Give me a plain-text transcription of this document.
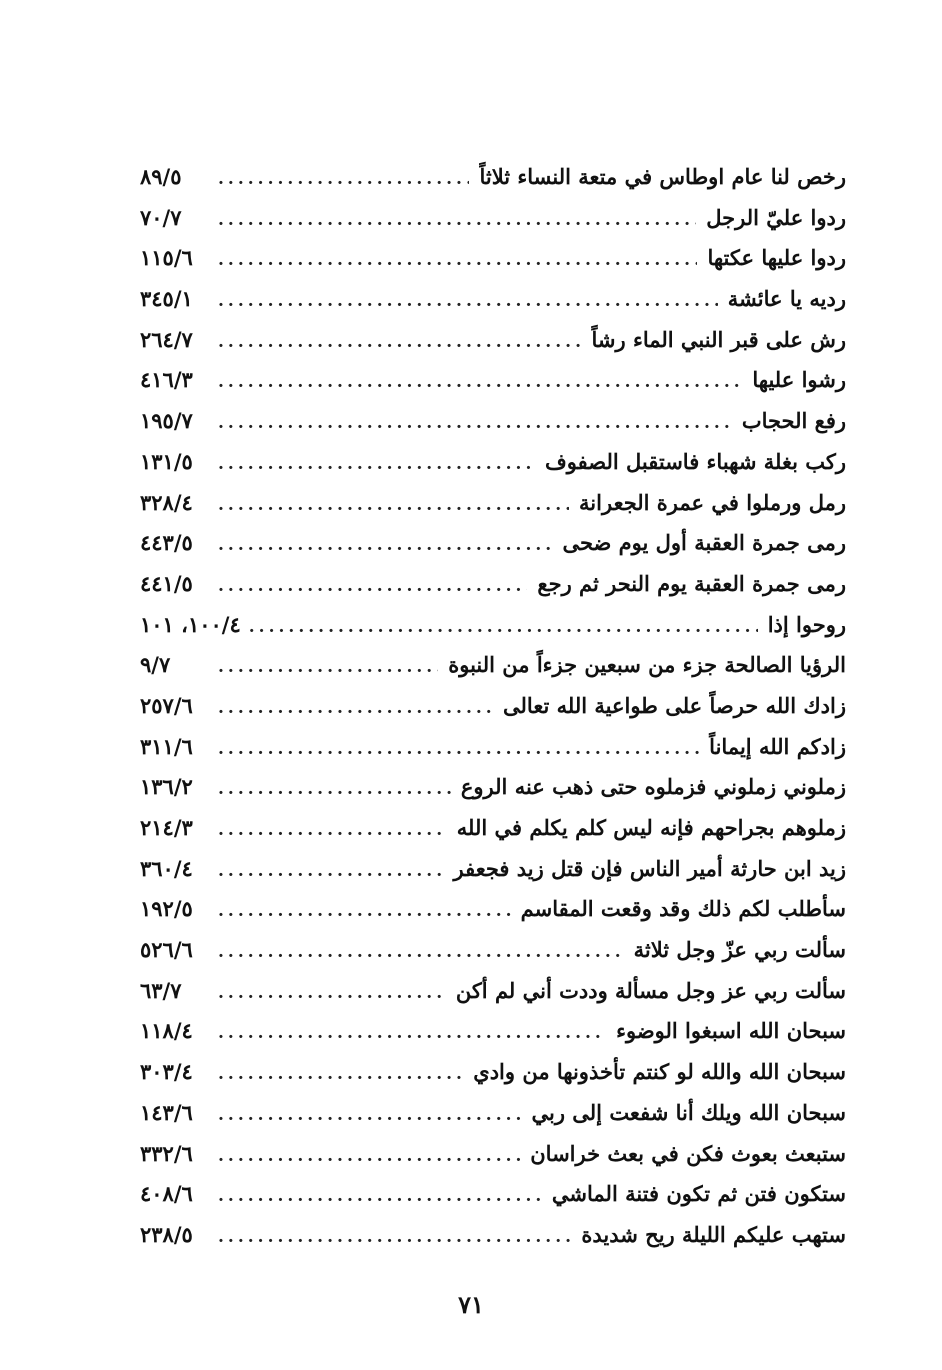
رخص لنا عام اوطاس في متعة النساء ثلاثاً
.....
٨٩/٥
ردوا عليّ الرجل
.....
٧٠/٧
ردوا عليها عكتها
.....
١١٥/٦
رديه يا عائشة
.....
٣٤٥/١
رش على قبر النبي الماء رشاً
.....
٢٦٤/٧
رشوا عليها
.....
٤١٦/٣
رفع الحجاب
.....
١٩٥/٧
ركب بغلة شهباء فاستقبل الصفوف
.....
١٣١/٥
رمل ورملوا في عمرة الجعرانة
.....
٣٢٨/٤
رمى جمرة العقبة أول يوم ضحى
.....
٤٤٣/٥
رمى جمرة العقبة يوم النحر ثم رجع
.....
٤٤١/٥
روحوا إذا
.....
١٠٠/٤، ١٠١
الرؤيا الصالحة جزء من سبعين جزءاً من النبوة
.....
٩/٧
زادك الله حرصاً على طواعية الله تعالى
.....
٢٥٧/٦
زادكم الله إيماناً
.....
٣١١/٦
زملوني زملوني فزملوه حتى ذهب عنه الروع
.....
١٣٦/٢
زملوهم بجراحهم فإنه ليس كلم يكلم في الله
.....
٢١٤/٣
زيد ابن حارثة أمير الناس فإن قتل زيد فجعفر
.....
٣٦٠/٤
سأطلب لكم ذلك وقد وقعت المقاسم
.....
١٩٢/٥
سألت ربي عزّ وجل ثلاثة
.....
٥٢٦/٦
سألت ربي عز وجل مسألة وددت أني لم أكن
.....
٦٣/٧
سبحان الله اسبغوا الوضوء
.....
١١٨/٤
سبحان الله والله لو كنتم تأخذونها من وادي
.....
٣٠٣/٤
سبحان الله ويلك أنا شفعت إلى ربي
.....
١٤٣/٦
ستبعث بعوث فكن في بعث خراسان
.....
٣٣٢/٦
ستكون فتن ثم تكون فتنة الماشي
.....
٤٠٨/٦
ستهب عليكم الليلة ريح شديدة
.....
٢٣٨/٥
٧١
